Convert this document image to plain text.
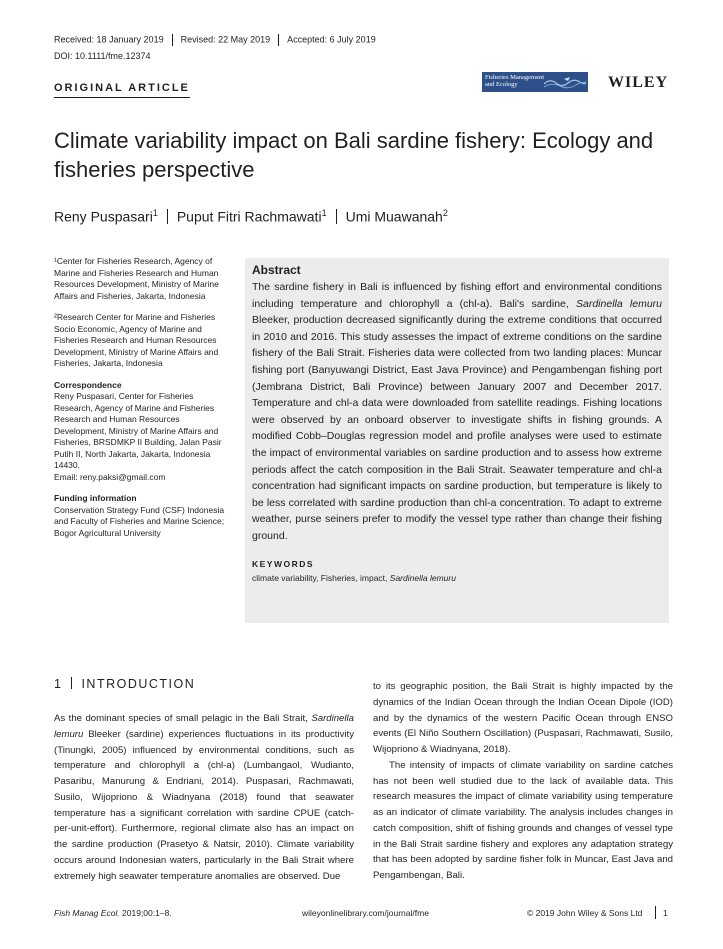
Received: 18 January 2019 Revised: 22 May 2019 Accepted: 6 July 2019
DOI: 10.1111/fme.12374
ORIGINAL ARTICLE
Fisheries Management
and Ecology	WILEY
Climate variability impact on Bali sardine fishery: Ecology and fisheries perspective
Reny Puspasari$^1$ Puput Fitri Rachmawati$^1$ Umi Muawanah$^2$
¹Center for Fisheries Research, Agency of Marine and Fisheries Research and Human Resources Development, Ministry of Marine Affairs and Fisheries, Jakarta, Indonesia
²Research Center for Marine and Fisheries Socio Economic, Agency of Marine and Fisheries Research and Human Resources Development, Ministry of Marine Affairs and Fisheries, Jakarta, Indonesia
Correspondence
Reny Puspasari, Center for Fisheries Research, Agency of Marine and Fisheries Research and Human Resources Development, Ministry of Marine Affairs and Fisheries, BRSDMKP II Building, Jalan Pasir Putih II, North Jakarta, Jakarta, Indonesia 14430.
Email: reny.paksi@gmail.com
Funding information
Conservation Strategy Fund (CSF) Indonesia and Faculty of Fisheries and Marine Science; Bogor Agricultural University
Abstract
The sardine fishery in Bali is influenced by fishing effort and environmental conditions including temperature and chlorophyll a (chl-a). Bali's sardine, Sardinella lemuru Bleeker, production decreased significantly during the extreme conditions that occurred in 2010 and 2016. This study assesses the impact of extreme conditions on the sardine fishery of the Bali Strait. Fisheries data were collected from two landing places: Muncar fishing port (Banyuwangi District, East Java Province) and Pengambengan fishing port (Jembrana District, Bali Province) between January 2007 and December 2017. Temperature and chl-a data were downloaded from satellite readings. Fishing locations were observed by an onboard observer to investigate shifts in fishing grounds. A modified Cobb–Douglas regression model and profile analyses were used to estimate the impact of environmental variables on sardine production and to assess how extreme periods affect the catch composition in the Bali Strait. Seawater temperature and chl-a concentration had significant impacts on sardine production, but temperature is likely to be less correlated with sardine production than chl-a concentration. To adapt to extreme weather, purse seiners prefer to modify the vessel type rather than change their fishing ground.
KEYWORDS
climate variability, Fisheries, impact, Sardinella lemuru
1 INTRODUCTION

As the dominant species of small pelagic in the Bali Strait, Sardinella lemuru Bleeker (sardine) experiences fluctuations in its productivity (Tinungki, 2005) influenced by environmental conditions, such as temperature and chlorophyll a (chl-a) (Lumbangaol, Wudianto, Pasaribu, Manurung & Endriani, 2014). Puspasari, Rachmawati, Susilo, Wijopriono & Wiadnyana (2018) found that seawater temperature has a significant correlation with sardine CPUE (catch-per-unit-effort). Furthermore, regional climate also has an impact on the sardine production (Prasetyo & Natsir, 2010). Climate variability occurs around Indonesian waters, particularly in the Bali Strait where extremely high seawater temperature anomalies are observed. Due

to its geographic position, the Bali Strait is highly impacted by the dynamics of the Indian Ocean through the Indian Ocean Dipole (IOD) and by the dynamics of the western Pacific Ocean through ENSO events (El Niño Southern Oscillation) (Puspasari, Rachmawati, Susilo, Wijopriono & Wiadnyana, 2018).

The intensity of impacts of climate variability on sardine catches has not been well studied due to the lack of available data. This research measures the impact of climate variability using temperature as an indicator of climate variability. The analysis includes changes in catch composition, shift of fishing grounds and changes of vessel type in the Bali Strait sardine fishery and explores any adaptation strategy that has been adopted by sardine fisher folk in Muncar, East Java and Pengambengan, Bali.

Fish Manag Ecol. 2019;00:1–8.	wileyonlinelibrary.com/journal/fme	© 2019 John Wiley & Sons Ltd 1
